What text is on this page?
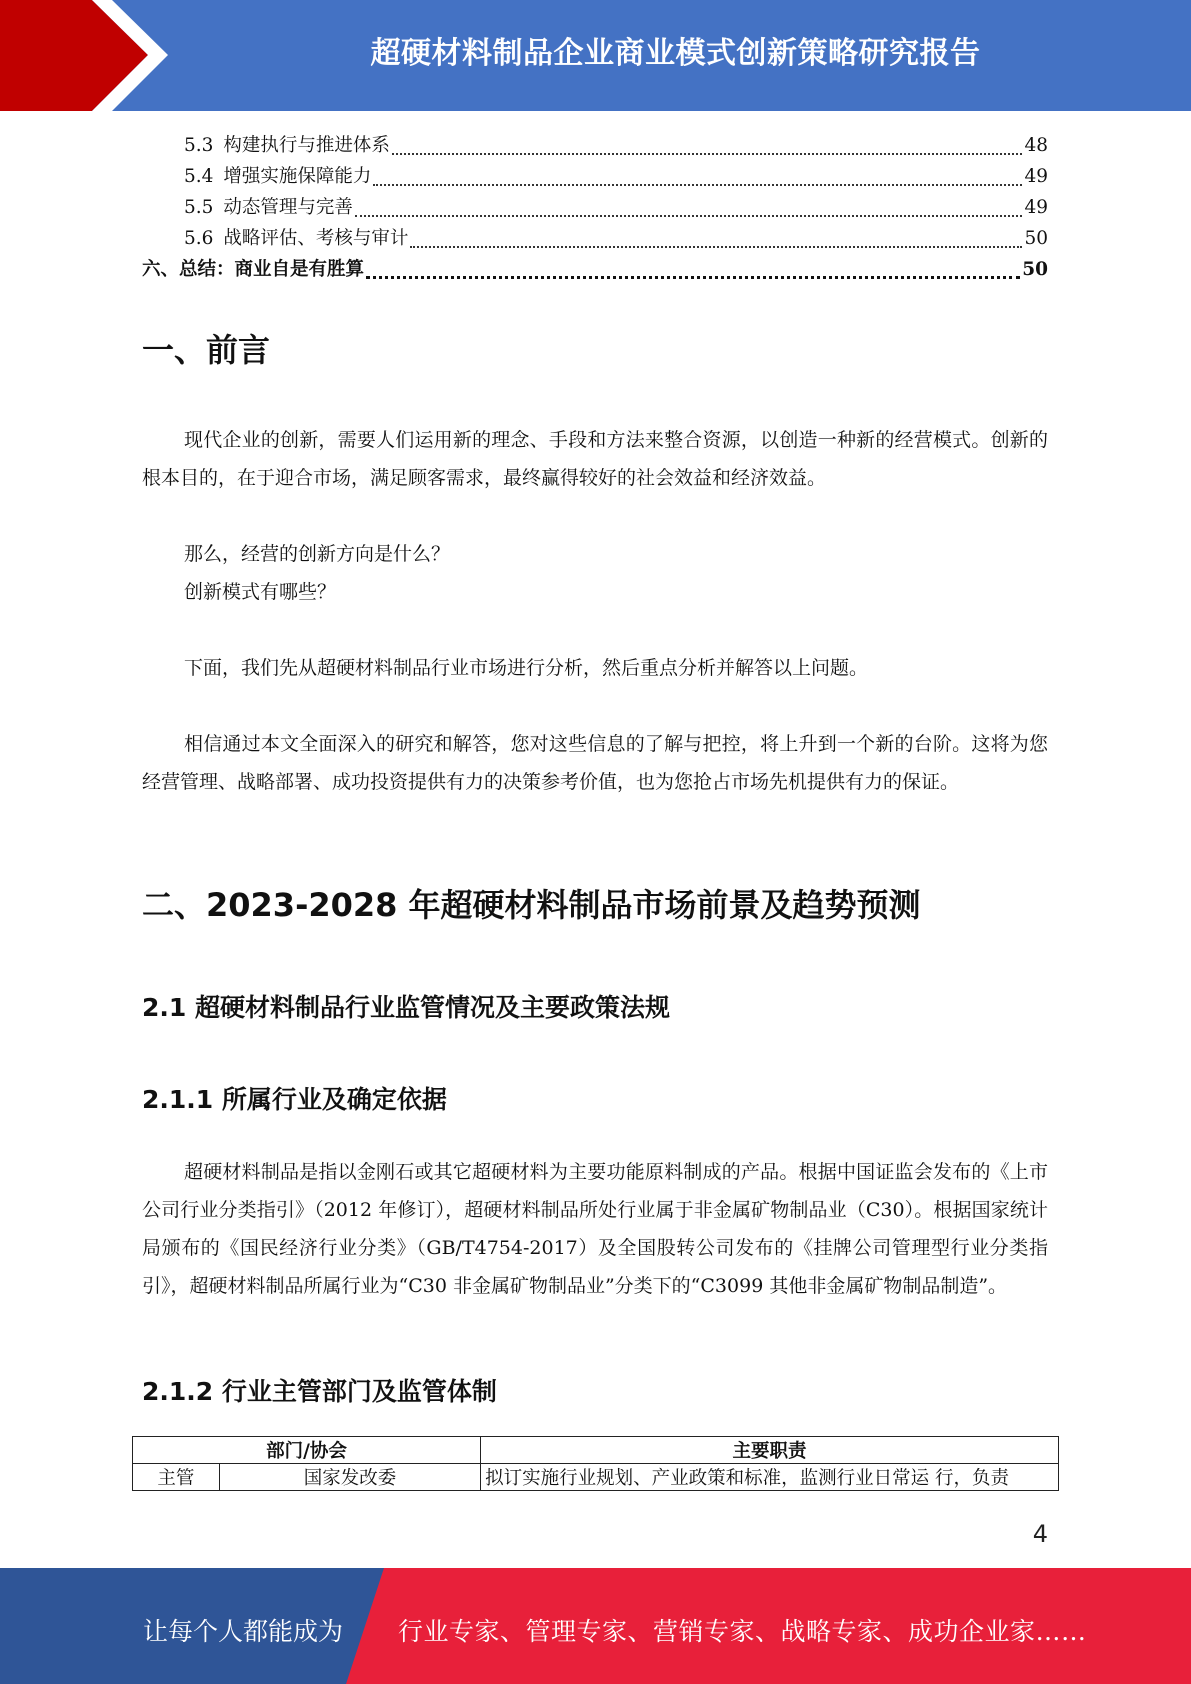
超硬材料制品企业商业模式创新策略研究报告
5.3 构建执行与推进体系	48
5.4 增强实施保障能力	49
5.5 动态管理与完善	49
5.6 战略评估、考核与审计	50
六、总结：商业自是有胜算	50
一、前言

现代企业的创新，需要人们运用新的理念、手段和方法来整合资源，以创造一种新的经营模式。创新的根本目的，在于迎合市场，满足顾客需求，最终赢得较好的社会效益和经济效益。

那么，经营的创新方向是什么？

创新模式有哪些？

下面，我们先从超硬材料制品行业市场进行分析，然后重点分析并解答以上问题。

相信通过本文全面深入的研究和解答，您对这些信息的了解与把控，将上升到一个新的台阶。这将为您经营管理、战略部署、成功投资提供有力的决策参考价值，也为您抢占市场先机提供有力的保证。

二、2023-2028 年超硬材料制品市场前景及趋势预测
2.1 超硬材料制品行业监管情况及主要政策法规
2.1.1 所属行业及确定依据

超硬材料制品是指以金刚石或其它超硬材料为主要功能原料制成的产品。根据中国证监会发布的《上市公司行业分类指引》（2012 年修订），超硬材料制品所处行业属于非金属矿物制品业（C30）。根据国家统计局颁布的《国民经济行业分类》（GB/T4754-2017）及全国股转公司发布的《挂牌公司管理型行业分类指引》，超硬材料制品所属行业为“C30 非金属矿物制品业”分类下的“C3099 其他非金属矿物制品制造”。

2.1.2 行业主管部门及监管体制
部门/协会		主要职责
主管	国家发改委	拟订实施行业规划、产业政策和标准，监测行业日常运 行，负责
4
让每个人都能成为 行业专家、管理专家、营销专家、战略专家、成功企业家……
